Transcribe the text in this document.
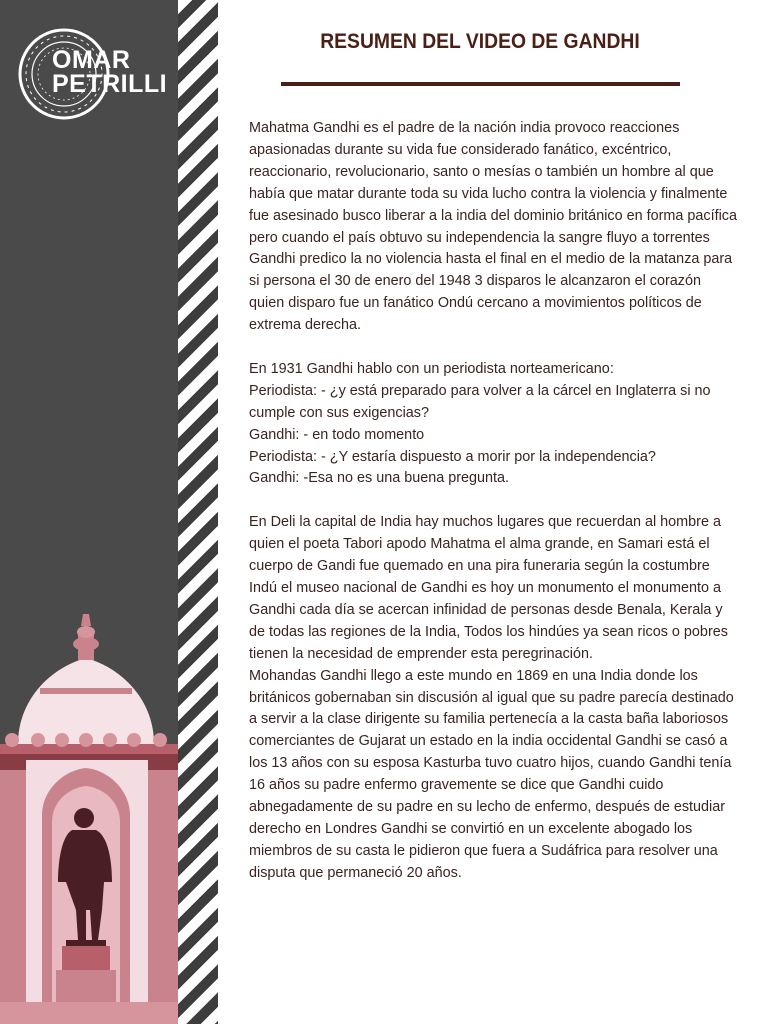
OMAR
PETRILLI
RESUMEN DEL VIDEO DE GANDHI

Mahatma Gandhi es el padre de la nación india provoco reacciones apasionadas durante su vida fue considerado fanático, excéntrico, reaccionario, revolucionario, santo o mesías o también un hombre al que había que matar durante toda su vida lucho contra la violencia y finalmente fue asesinado busco liberar a la india del dominio británico en forma pacífica pero cuando el país obtuvo su independencia la sangre fluyo a torrentes Gandhi predico la no violencia hasta el final en el medio de la matanza para si persona el 30 de enero del 1948 3 disparos le alcanzaron el corazón quien disparo fue un fanático Ondú cercano a movimientos políticos de extrema derecha.

En 1931 Gandhi hablo con un periodista norteamericano:

Periodista: - ¿y está preparado para volver a la cárcel en Inglaterra si no cumple con sus exigencias?

Gandhi: - en todo momento

Periodista: - ¿Y estaría dispuesto a morir por la independencia?

Gandhi: -Esa no es una buena pregunta.

En Deli la capital de India hay muchos lugares que recuerdan al hombre a quien el poeta Tabori apodo Mahatma el alma grande, en Samari está el cuerpo de Gandi fue quemado en una pira funeraria según la costumbre Indú el museo nacional de Gandhi es hoy un monumento el monumento a Gandhi cada día se acercan infinidad de personas desde Benala, Kerala y de todas las regiones de la India, Todos los hindúes ya sean ricos o pobres tienen la necesidad de emprender esta peregrinación.

Mohandas Gandhi llego a este mundo en 1869 en una India donde los británicos gobernaban sin discusión al igual que su padre parecía destinado a servir a la clase dirigente su familia pertenecía a la casta baña laboriosos comerciantes de Gujarat un estado en la india occidental Gandhi se casó a los 13 años con su esposa Kasturba tuvo cuatro hijos, cuando Gandhi tenía 16 años su padre enfermo gravemente se dice que Gandhi cuido abnegadamente de su padre en su lecho de enfermo, después de estudiar derecho en Londres Gandhi se convirtió en un excelente abogado los miembros de su casta le pidieron que fuera a Sudáfrica para resolver una disputa que permaneció 20 años.
